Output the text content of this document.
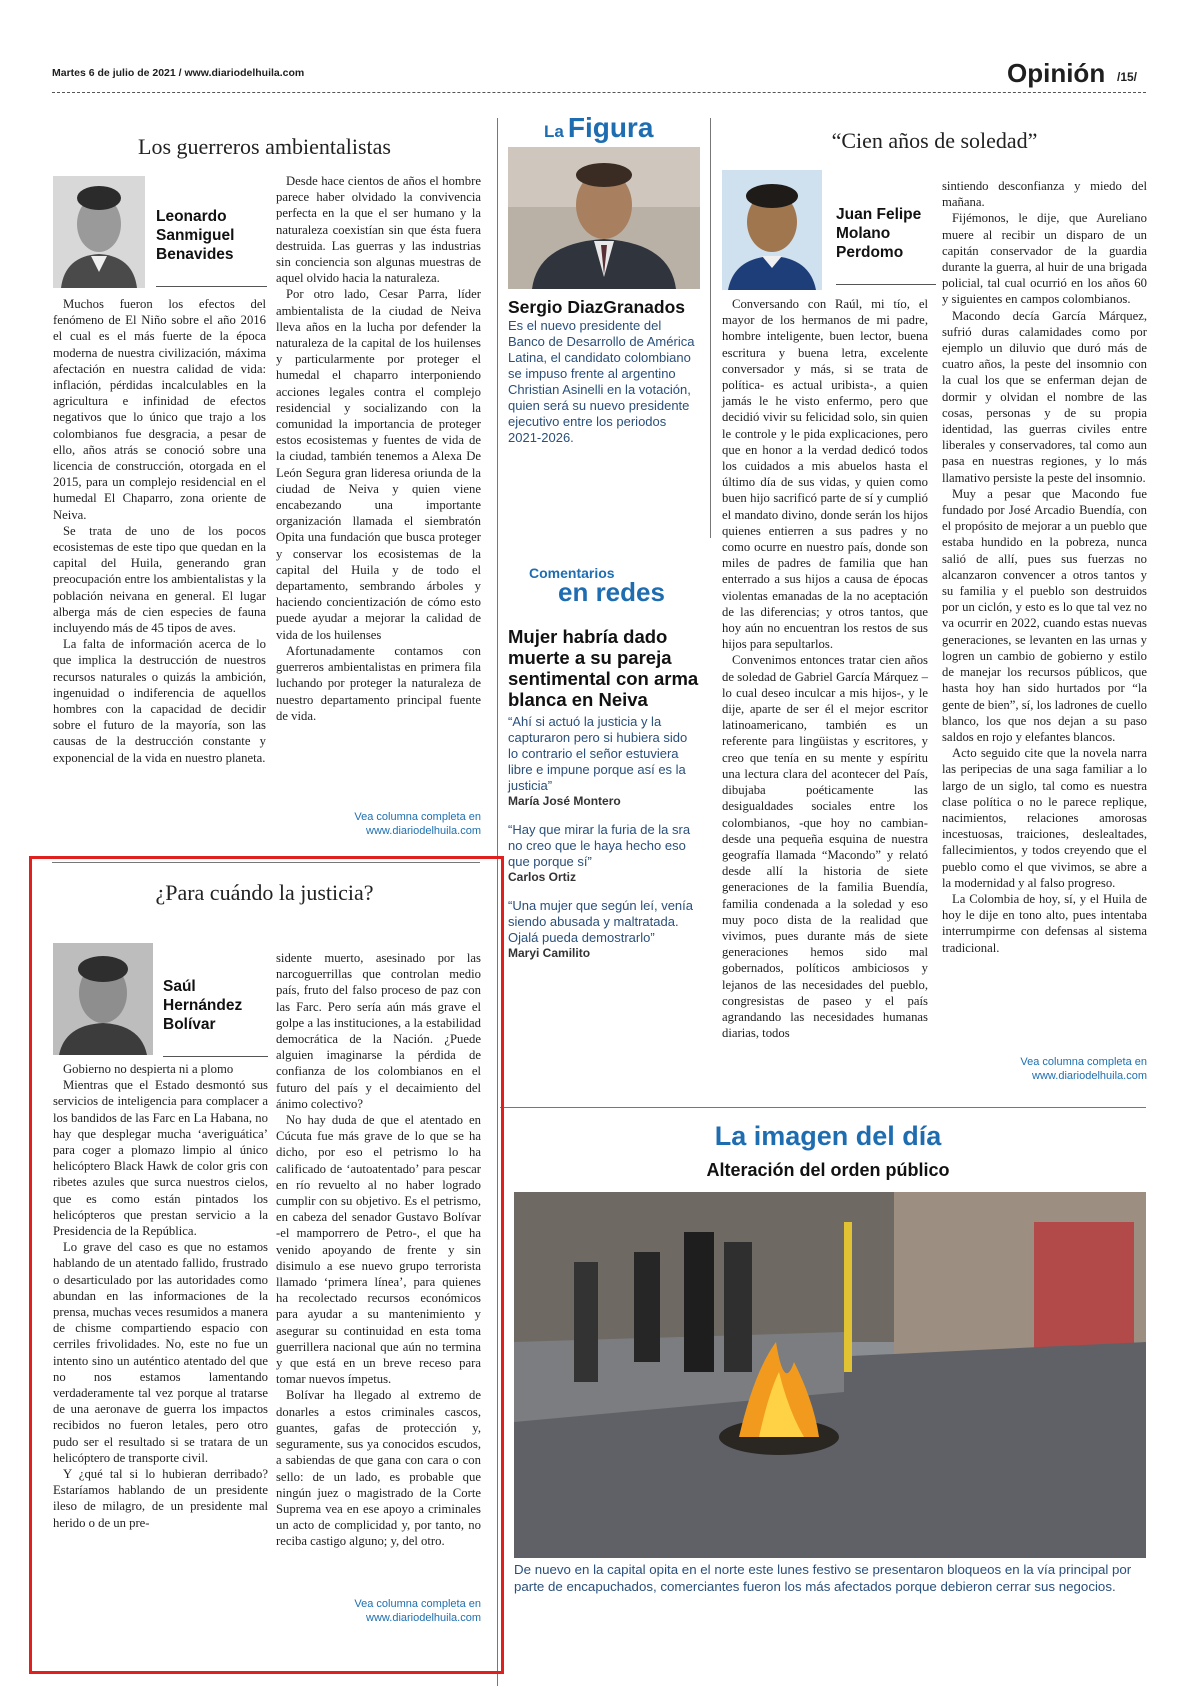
Martes 6 de julio de 2021 / www.diariodelhuila.com	Opinión /15/
Los guerreros ambientalistas
Leonardo Sanmiguel Benavides

Muchos fueron los efectos del fenómeno de El Niño sobre el año 2016 el cual es el más fuerte de la época moderna de nuestra civilización, máxima afectación en nuestra calidad de vida: inflación, pérdidas incalculables en la agricultura e infinidad de efectos negativos que lo único que trajo a los colombianos fue desgracia, a pesar de ello, años atrás se conoció sobre una licencia de construcción, otorgada en el 2015, para un complejo residencial en el humedal El Chaparro, zona oriente de Neiva.

Se trata de uno de los pocos ecosistemas de este tipo que quedan en la capital del Huila, generando gran preocupación entre los ambientalistas y la población neivana en general. El lugar alberga más de cien especies de fauna incluyendo más de 45 tipos de aves.

La falta de información acerca de lo que implica la destrucción de nuestros recursos naturales o quizás la ambición, ingenuidad o indiferencia de aquellos hombres con la capacidad de decidir sobre el futuro de la mayoría, son las causas de la destrucción constante y exponencial de la vida en nuestro planeta.

Desde hace cientos de años el hombre parece haber olvidado la convivencia perfecta en la que el ser humano y la naturaleza coexistían sin que ésta fuera destruida. Las guerras y las industrias sin conciencia son algunas muestras de aquel olvido hacia la naturaleza.

Por otro lado, Cesar Parra, líder ambientalista de la ciudad de Neiva lleva años en la lucha por defender la naturaleza de la capital de los huilenses y particularmente por proteger el humedal el chaparro interponiendo acciones legales contra el complejo residencial y socializando con la comunidad la importancia de proteger estos ecosistemas y fuentes de vida de la ciudad, también tenemos a Alexa De León Segura gran lideresa oriunda de la ciudad de Neiva y quien viene encabezando una importante organización llamada el siembratón Opita una fundación que busca proteger y conservar los ecosistemas de la capital del Huila y de todo el departamento, sembrando árboles y haciendo concientización de cómo esto puede ayudar a mejorar la calidad de vida de los huilenses

Afortunadamente contamos con guerreros ambientalistas en primera fila luchando por proteger la naturaleza de nuestro departamento principal fuente de vida.

Vea columna completa en
www.diariodelhuila.com
¿Para cuándo la justicia?
Saúl Hernández Bolívar

Gobierno no despierta ni a plomo

Mientras que el Estado desmontó sus servicios de inteligencia para complacer a los bandidos de las Farc en La Habana, no hay que desplegar mucha ‘averiguática’ para coger a plomazo limpio al único helicóptero Black Hawk de color gris con ribetes azules que surca nuestros cielos, que es como están pintados los helicópteros que prestan servicio a la Presidencia de la República.

Lo grave del caso es que no estamos hablando de un atentado fallido, frustrado o desarticulado por las autoridades como abundan en las informaciones de la prensa, muchas veces resumidos a manera de chisme compartiendo espacio con cerriles frivolidades. No, este no fue un intento sino un auténtico atentado del que no nos estamos lamentando verdaderamente tal vez porque al tratarse de una aeronave de guerra los impactos recibidos no fueron letales, pero otro pudo ser el resultado si se tratara de un helicóptero de transporte civil.

Y ¿qué tal si lo hubieran derribado? Estaríamos hablando de un presidente ileso de milagro, de un presidente mal herido o de un pre-

sidente muerto, asesinado por las narcoguerrillas que controlan medio país, fruto del falso proceso de paz con las Farc. Pero sería aún más grave el golpe a las instituciones, a la estabilidad democrática de la Nación. ¿Puede alguien imaginarse la pérdida de confianza de los colombianos en el futuro del país y el decaimiento del ánimo colectivo?

No hay duda de que el atentado en Cúcuta fue más grave de lo que se ha dicho, por eso el petrismo lo ha calificado de ‘autoatentado’ para pescar en río revuelto al no haber logrado cumplir con su objetivo. Es el petrismo, en cabeza del senador Gustavo Bolívar -el mamporrero de Petro-, el que ha venido apoyando de frente y sin disimulo a ese nuevo grupo terrorista llamado ‘primera línea’, para quienes ha recolectado recursos económicos para ayudar a su mantenimiento y asegurar su continuidad en esta toma guerrillera nacional que aún no termina y que está en un breve receso para tomar nuevos ímpetus.

Bolívar ha llegado al extremo de donarles a estos criminales cascos, guantes, gafas de protección y, seguramente, sus ya conocidos escudos, a sabiendas de que gana con cara o con sello: de un lado, es probable que ningún juez o magistrado de la Corte Suprema vea en ese apoyo a criminales un acto de complicidad y, por tanto, no reciba castigo alguno; y, del otro.

Vea columna completa en
www.diariodelhuila.com
La Figura
Sergio DiazGranados
Es el nuevo presidente del Banco de Desarrollo de América Latina, el candidato colombiano se impuso frente al argentino Christian Asinelli en la votación, quien será su nuevo presidente ejecutivo entre los periodos 2021-2026.
Comentarios
en redes
Mujer habría dado muerte a su pareja sentimental con arma blanca en Neiva
“Ahí si actuó la justicia y la capturaron pero si hubiera sido lo contrario el señor estuviera libre e impune porque así es la justicia”
María José Montero
“Hay que mirar la furia de la sra no creo que le haya hecho eso que porque sí”
Carlos Ortiz
“Una mujer que según leí, venía siendo abusada y maltratada. Ojalá pueda demostrarlo”
Maryi Camilito
“Cien años de soledad”
Juan Felipe Molano Perdomo

Conversando con Raúl, mi tío, el mayor de los hermanos de mi padre, hombre inteligente, buen lector, buena escritura y buena letra, excelente conversador y más, si se trata de política- es actual uribista-, a quien jamás le he visto enfermo, pero que decidió vivir su felicidad solo, sin quien le controle y le pida explicaciones, pero que en honor a la verdad dedicó todos los cuidados a mis abuelos hasta el último día de sus vidas, y quien como buen hijo sacrificó parte de sí y cumplió el mandato divino, donde serán los hijos quienes entierren a sus padres y no como ocurre en nuestro país, donde son miles de padres de familia que han enterrado a sus hijos a causa de épocas violentas emanadas de la no aceptación de las diferencias; y otros tantos, que hoy aún no encuentran los restos de sus hijos para sepultarlos.

Convenimos entonces tratar cien años de soledad de Gabriel García Márquez – lo cual deseo inculcar a mis hijos-, y le dije, aparte de ser él el mejor escritor latinoamericano, también es un referente para lingüistas y escritores, y creo que tenía en su mente y espíritu una lectura clara del acontecer del País, dibujaba poéticamente las desigualdades sociales entre los colombianos, -que hoy no cambian- desde una pequeña esquina de nuestra geografía llamada “Macondo” y relató desde allí la historia de siete generaciones de la familia Buendía, familia condenada a la soledad y eso muy poco dista de la realidad que vivimos, pues durante más de siete generaciones hemos sido mal gobernados, políticos ambiciosos y lejanos de las necesidades del pueblo, congresistas de paseo y el país agrandando las necesidades humanas diarias, todos

sintiendo desconfianza y miedo del mañana.

Fijémonos, le dije, que Aureliano muere al recibir un disparo de un capitán conservador de la guardia durante la guerra, al huir de una brigada policial, tal cual ocurrió en los años 60 y siguientes en campos colombianos.

Macondo decía García Márquez, sufrió duras calamidades como por ejemplo un diluvio que duró más de cuatro años, la peste del insomnio con la cual los que se enferman dejan de dormir y olvidan el nombre de las cosas, personas y de su propia identidad, las guerras civiles entre liberales y conservadores, tal como aun pasa en nuestras regiones, y lo más llamativo persiste la peste del insomnio.

Muy a pesar que Macondo fue fundado por José Arcadio Buendía, con el propósito de mejorar a un pueblo que estaba hundido en la pobreza, nunca salió de allí, pues sus fuerzas no alcanzaron convencer a otros tantos y su familia y el pueblo son destruidos por un ciclón, y esto es lo que tal vez no va ocurrir en 2022, cuando estas nuevas generaciones, se levanten en las urnas y logren un cambio de gobierno y estilo de manejar los recursos públicos, que hasta hoy han sido hurtados por “la gente de bien”, sí, los ladrones de cuello blanco, los que nos dejan a su paso saldos en rojo y elefantes blancos.

Acto seguido cite que la novela narra las peripecias de una saga familiar a lo largo de un siglo, tal como es nuestra clase política o no le parece replique, nacimientos, relaciones amorosas incestuosas, traiciones, deslealtades, fallecimientos, y todos creyendo que el pueblo como el que vivimos, se abre a la modernidad y al falso progreso.

La Colombia de hoy, sí, y el Huila de hoy le dije en tono alto, pues intentaba interrumpirme con defensas al sistema tradicional.

Vea columna completa en
www.diariodelhuila.com
La imagen del día
Alteración del orden público
De nuevo en la capital opita en el norte este lunes festivo se presentaron bloqueos en la vía principal por parte de encapuchados, comerciantes fueron los más afectados porque debieron cerrar sus negocios.
